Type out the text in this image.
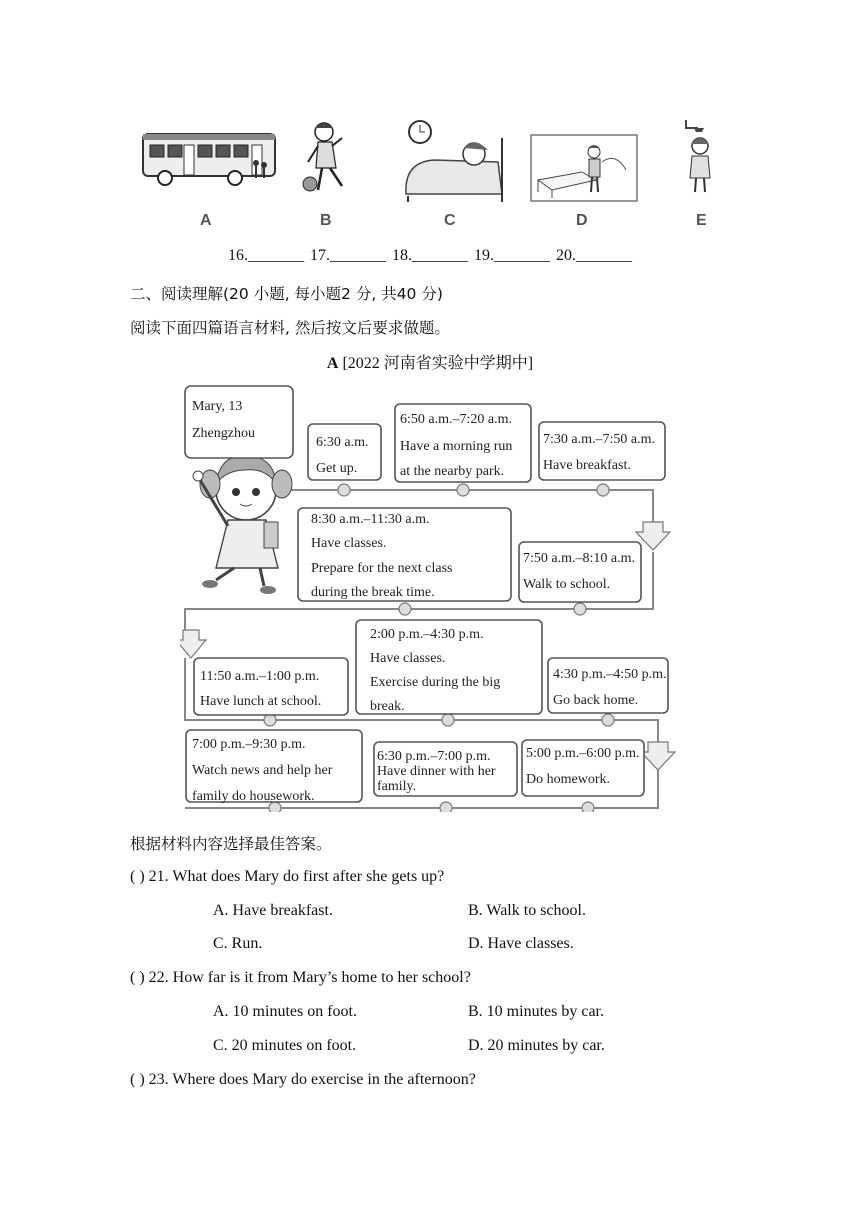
A	B	C	D	E
16._______ 17._______ 18._______ 19._______ 20._______
二、阅读理解(20 小题, 每小题2 分, 共40 分)
阅读下面四篇语言材料, 然后按文后要求做题。
A [2022 河南省实验中学期中]
Mary, 13
Zhengzhou
6:30 a.m.
Get up.
6:50 a.m.–7:20 a.m.
Have a morning run
at the nearby park.
7:30 a.m.–7:50 a.m.
Have breakfast.
8:30 a.m.–11:30 a.m.
Have classes.
Prepare for the next class
during the break time.
7:50 a.m.–8:10 a.m.
Walk to school.
11:50 a.m.–1:00 p.m.
Have lunch at school.
2:00 p.m.–4:30 p.m.
Have classes.
Exercise during the big
break.
4:30 p.m.–4:50 p.m.
Go back home.
7:00 p.m.–9:30 p.m.
Watch news and help her
family do housework.
6:30 p.m.–7:00 p.m.
Have dinner with her
family.
5:00 p.m.–6:00 p.m.
Do homework.
根据材料内容选择最佳答案。
( ) 21. What does Mary do first after she gets up?
A. Have breakfast.	B. Walk to school.
C. Run.	D. Have classes.
( ) 22. How far is it from Mary’s home to her school?
A. 10 minutes on foot.	B. 10 minutes by car.
C. 20 minutes on foot.	D. 20 minutes by car.
( ) 23. Where does Mary do exercise in the afternoon?
